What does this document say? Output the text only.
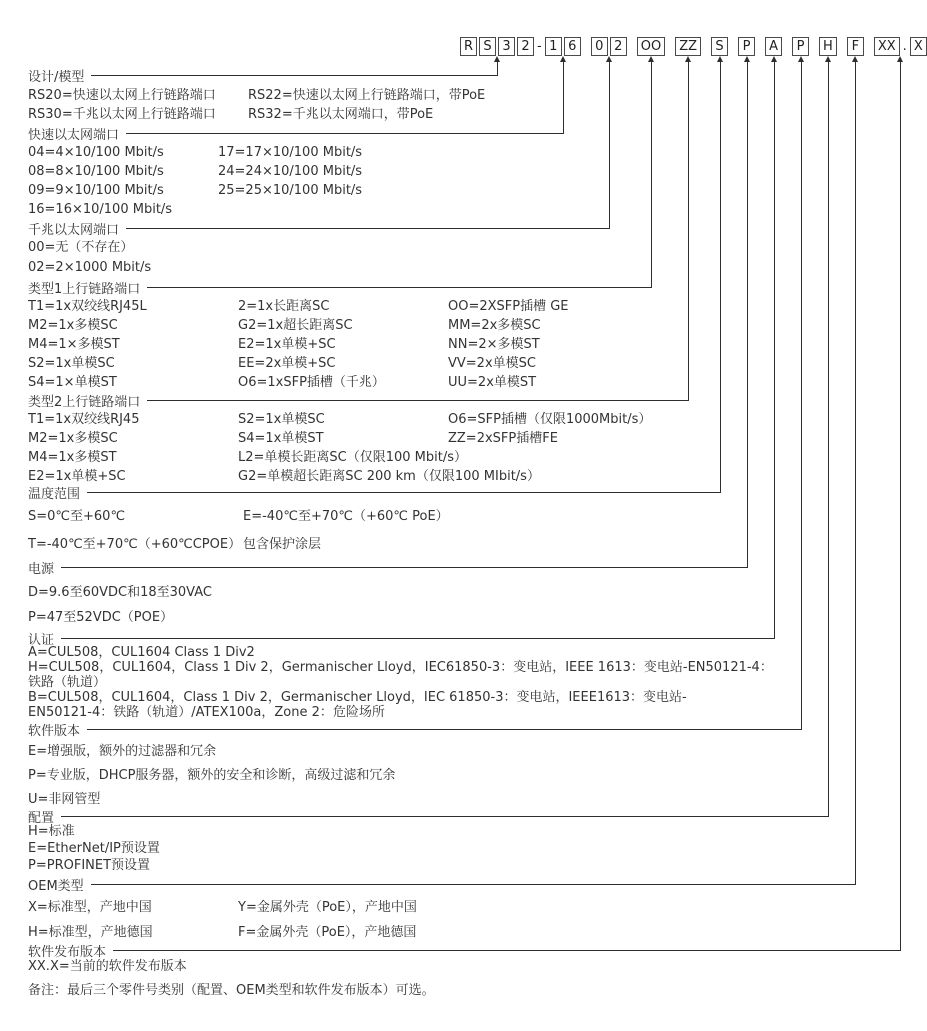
R S 3 2 - 1 6	0 2	OO	ZZ	S	P	A	P	H	F	XX . X
备注：最后三个零件号类别（配置、OEM类型和软件发布版本）可选。
设计/模型
RS20=快速以太网上行链路端口	RS22=快速以太网上行链路端口，带PoE
RS30=千兆以太网上行链路端口	RS32=千兆以太网端口，带PoE
快速以太网端口
04=4×10/100 Mbit/s	17=17×10/100 Mbit/s
08=8×10/100 Mbit/s	24=24×10/100 Mbit/s
09=9×10/100 Mbit/s	25=25×10/100 Mbit/s
16=16×10/100 Mbit/s
千兆以太网端口
00=无（不存在）
02=2×1000 Mbit/s
类型1上行链路端口
T1=1x双绞线RJ45L	2=1x长距离SC	OO=2XSFP插槽 GE
M2=1x多模SC	G2=1x超长距离SC	MM=2x多模SC
M4=1×多模ST	E2=1x单模+SC	NN=2×多模ST
S2=1x单模SC	EE=2x单模+SC	VV=2x单模SC
S4=1×单模ST	O6=1xSFP插槽（千兆）	UU=2x单模ST
类型2上行链路端口
T1=1x双绞线RJ45	S2=1x单模SC	O6=SFP插槽（仅限1000Mbit/s）
M2=1x多模SC	S4=1x单模ST	ZZ=2xSFP插槽FE
M4=1x多模ST	L2=单模长距离SC（仅限100 Mbit/s）
E2=1x单模+SC	G2=单模超长距离SC 200 km（仅限100 MIbit/s）
温度范围
S=0℃至+60℃	E=-40℃至+70℃（+60℃ PoE）
T=-40℃至+70℃（+60℃CPOE） 包含保护涂层
电源
D=9.6至60VDC和18至30VAC
P=47至52VDC（POE）
认证
A=CUL508，CUL1604 Class 1 Div2
H=CUL508，CUL1604，Class 1 Div 2，Germanischer Lloyd，IEC61850-3：变电站，IEEE 1613：变电站-EN50121-4：
铁路（轨道）
B=CUL508，CUL1604，Class 1 Div 2，Germanischer Lloyd，IEC 61850-3：变电站，IEEE1613：变电站-
EN50121-4：铁路（轨道）/ATEX100a，Zone 2：危险场所
软件版本
E=增强版，额外的过滤器和冗余
P=专业版，DHCP服务器，额外的安全和诊断，高级过滤和冗余
U=非网管型
配置
H=标准
E=EtherNet/IP预设置
P=PROFINET预设置
OEM类型
X=标准型，产地中国	Y=金属外壳（PoE），产地中国
H=标准型，产地德国	F=金属外壳（PoE），产地德国
软件发布版本
XX.X=当前的软件发布版本
